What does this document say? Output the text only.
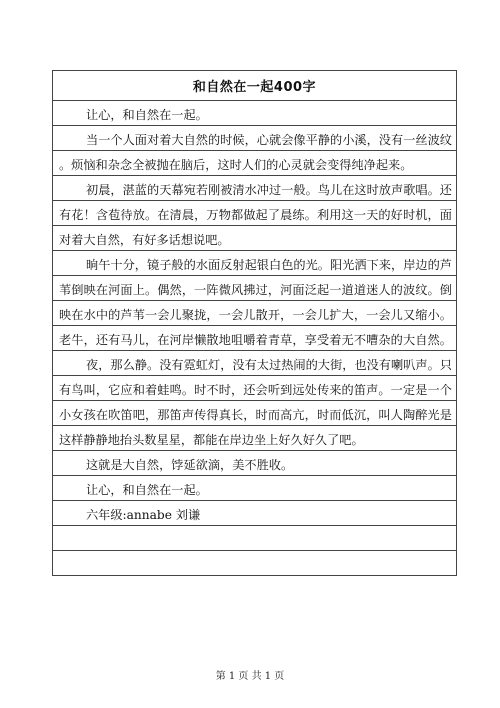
和自然在一起400字
让心，和自然在一起。
当一个人面对着大自然的时候，心就会像平静的小溪，没有一丝波纹
。烦恼和杂念全被抛在脑后，这时人们的心灵就会变得纯净起来。
初晨，湛蓝的天幕宛若刚被清水冲过一般。鸟儿在这时放声歌唱。还
有花！含苞待放。在清晨，万物都做起了晨练。利用这一天的好时机，面
对着大自然，有好多话想说吧。
晌午十分，镜子般的水面反射起银白色的光。阳光洒下来，岸边的芦
苇倒映在河面上。偶然，一阵微风拂过，河面泛起一道道迷人的波纹。倒
映在水中的芦苇一会儿聚拢，一会儿散开，一会儿扩大，一会儿又缩小。
老牛，还有马儿，在河岸懒散地咀嚼着青草，享受着无不嘈杂的大自然。
夜，那么静。没有霓虹灯，没有太过热闹的大街，也没有喇叭声。只
有鸟叫，它应和着蛙鸣。时不时，还会听到远处传来的笛声。一定是一个
小女孩在吹笛吧，那笛声传得真长，时而高亢，时而低沉，叫人陶醉光是
这样静静地抬头数星星，都能在岸边坐上好久好久了吧。
这就是大自然，饽延欲滴，美不胜收。
让心，和自然在一起。
六年级:annabe 刘谦
第 1 页 共 1 页
